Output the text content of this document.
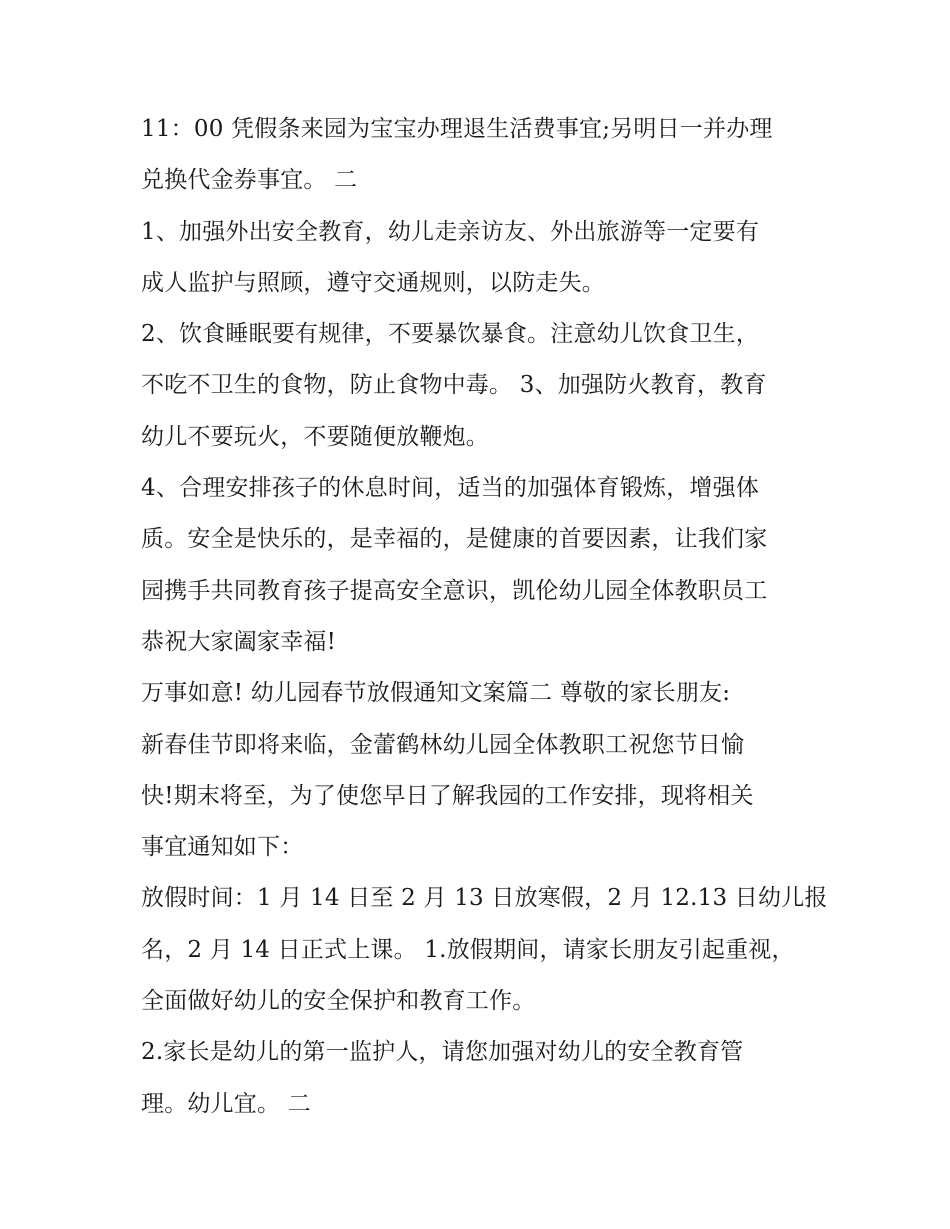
11：00 凭假条来园为宝宝办理退生活费事宜;另明日一并办理
兑换代金券事宜。 二
1、加强外出安全教育，幼儿走亲访友、外出旅游等一定要有
成人监护与照顾，遵守交通规则，以防走失。
2、饮食睡眠要有规律，不要暴饮暴食。注意幼儿饮食卫生，
不吃不卫生的食物，防止食物中毒。 3、加强防火教育，教育
幼儿不要玩火，不要随便放鞭炮。
4、合理安排孩子的休息时间，适当的加强体育锻炼，增强体
质。安全是快乐的，是幸福的，是健康的首要因素，让我们家
园携手共同教育孩子提高安全意识，凯伦幼儿园全体教职员工
恭祝大家阖家幸福!
万事如意! 幼儿园春节放假通知文案篇二 尊敬的家长朋友:
新春佳节即将来临，金蕾鹤林幼儿园全体教职工祝您节日愉
快!期末将至，为了使您早日了解我园的工作安排，现将相关
事宜通知如下：
放假时间：1 月 14 日至 2 月 13 日放寒假，2 月 12.13 日幼儿报
名，2 月 14 日正式上课。 1.放假期间，请家长朋友引起重视，
全面做好幼儿的安全保护和教育工作。
2.家长是幼儿的第一监护人，请您加强对幼儿的安全教育管
理。幼儿宜。 二
